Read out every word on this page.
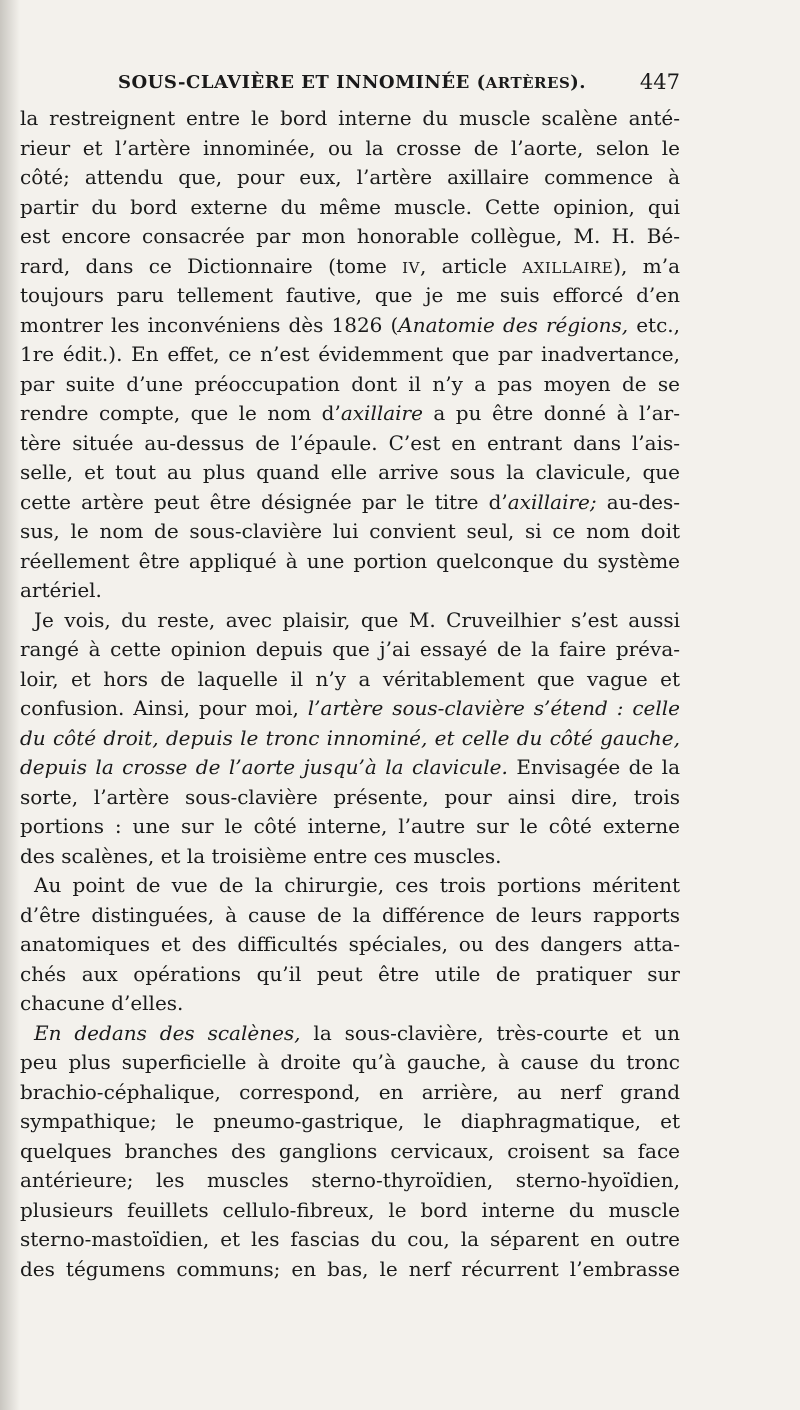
SOUS-CLAVIÈRE ET INNOMINÉE (ARTÈRES).	447
la restreignent entre le bord interne du muscle scalène anté-
rieur et l’artère innominée, ou la crosse de l’aorte, selon le
côté; attendu que, pour eux, l’artère axillaire commence à
partir du bord externe du même muscle. Cette opinion, qui
est encore consacrée par mon honorable collègue, M. H. Bé-
rard, dans ce Dictionnaire (tome IV, article AXILLAIRE), m’a
toujours paru tellement fautive, que je me suis efforcé d’en
montrer les inconvéniens dès 1826 (Anatomie des régions, etc.,
1re édit.). En effet, ce n’est évidemment que par inadvertance,
par suite d’une préoccupation dont il n’y a pas moyen de se
rendre compte, que le nom d’axillaire a pu être donné à l’ar-
tère située au-dessus de l’épaule. C’est en entrant dans l’ais-
selle, et tout au plus quand elle arrive sous la clavicule, que
cette artère peut être désignée par le titre d’axillaire; au-des-
sus, le nom de sous-clavière lui convient seul, si ce nom doit
réellement être appliqué à une portion quelconque du système
artériel.
Je vois, du reste, avec plaisir, que M. Cruveilhier s’est aussi
rangé à cette opinion depuis que j’ai essayé de la faire préva-
loir, et hors de laquelle il n’y a véritablement que vague et
confusion. Ainsi, pour moi, l’artère sous-clavière s’étend : celle
du côté droit, depuis le tronc innominé, et celle du côté gauche,
depuis la crosse de l’aorte jusqu’à la clavicule. Envisagée de la
sorte, l’artère sous-clavière présente, pour ainsi dire, trois
portions : une sur le côté interne, l’autre sur le côté externe
des scalènes, et la troisième entre ces muscles.
Au point de vue de la chirurgie, ces trois portions méritent
d’être distinguées, à cause de la différence de leurs rapports
anatomiques et des difficultés spéciales, ou des dangers atta-
chés aux opérations qu’il peut être utile de pratiquer sur
chacune d’elles.
En dedans des scalènes, la sous-clavière, très-courte et un
peu plus superficielle à droite qu’à gauche, à cause du tronc
brachio-céphalique, correspond, en arrière, au nerf grand
sympathique; le pneumo-gastrique, le diaphragmatique, et
quelques branches des ganglions cervicaux, croisent sa face
antérieure; les muscles sterno-thyroïdien, sterno-hyoïdien,
plusieurs feuillets cellulo-fibreux, le bord interne du muscle
sterno-mastoïdien, et les fascias du cou, la séparent en outre
des tégumens communs; en bas, le nerf récurrent l’embrasse
